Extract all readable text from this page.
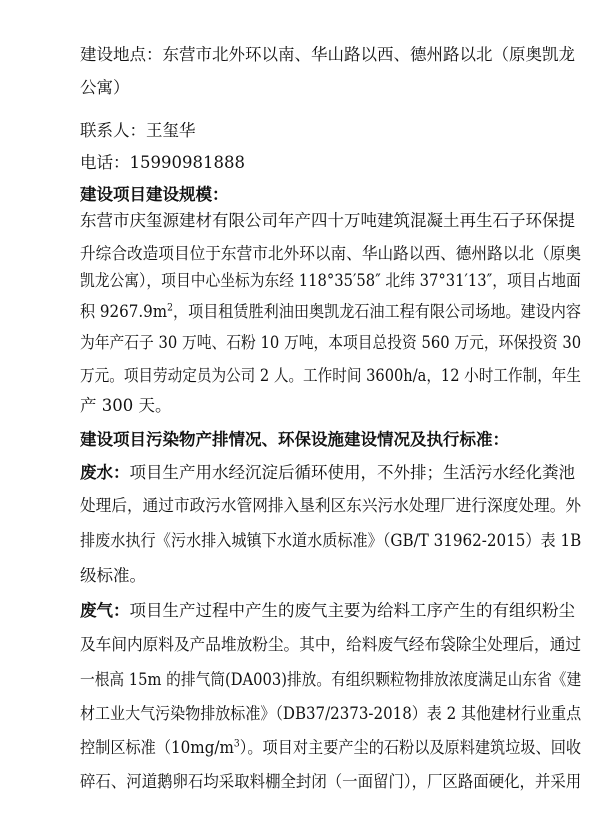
建设地点：东营市北外环以南、华山路以西、德州路以北（原奥凯龙
公寓）
联系人：王玺华
电话：15990981888
建设项目建设规模：
东营市庆玺源建材有限公司年产四十万吨建筑混凝土再生石子环保提
升综合改造项目位于东营市北外环以南、华山路以西、德州路以北（原奥
凯龙公寓），项目中心坐标为东经 118°35′58″ 北纬 37°31′13″，项目占地面
积 $9267.9m^2$，项目租赁胜利油田奥凯龙石油工程有限公司场地。建设内容
为年产石子 30 万吨、石粉 10 万吨，本项目总投资 560 万元，环保投资 30
万元。项目劳动定员为公司 2 人。工作时间 3600h/a，12 小时工作制，年生
产 300 天。
建设项目污染物产排情况、环保设施建设情况及执行标准：
废水：项目生产用水经沉淀后循环使用，不外排；生活污水经化粪池
处理后，通过市政污水管网排入垦利区东兴污水处理厂进行深度处理。外
排废水执行《污水排入城镇下水道水质标准》（GB/T 31962-2015）表 1B
级标准。
废气：项目生产过程中产生的废气主要为给料工序产生的有组织粉尘
及车间内原料及产品堆放粉尘。其中，给料废气经布袋除尘处理后，通过
一根高 15m 的排气筒(DA003)排放。有组织颗粒物排放浓度满足山东省《建
材工业大气污染物排放标准》（DB37/2373-2018）表 2 其他建材行业重点
控制区标准$(10mg/m^3)$。项目对主要产尘的石粉以及原料建筑垃圾、回收
碎石、河道鹅卵石均采取料棚全封闭（一面留门），厂区路面硬化，并采用
